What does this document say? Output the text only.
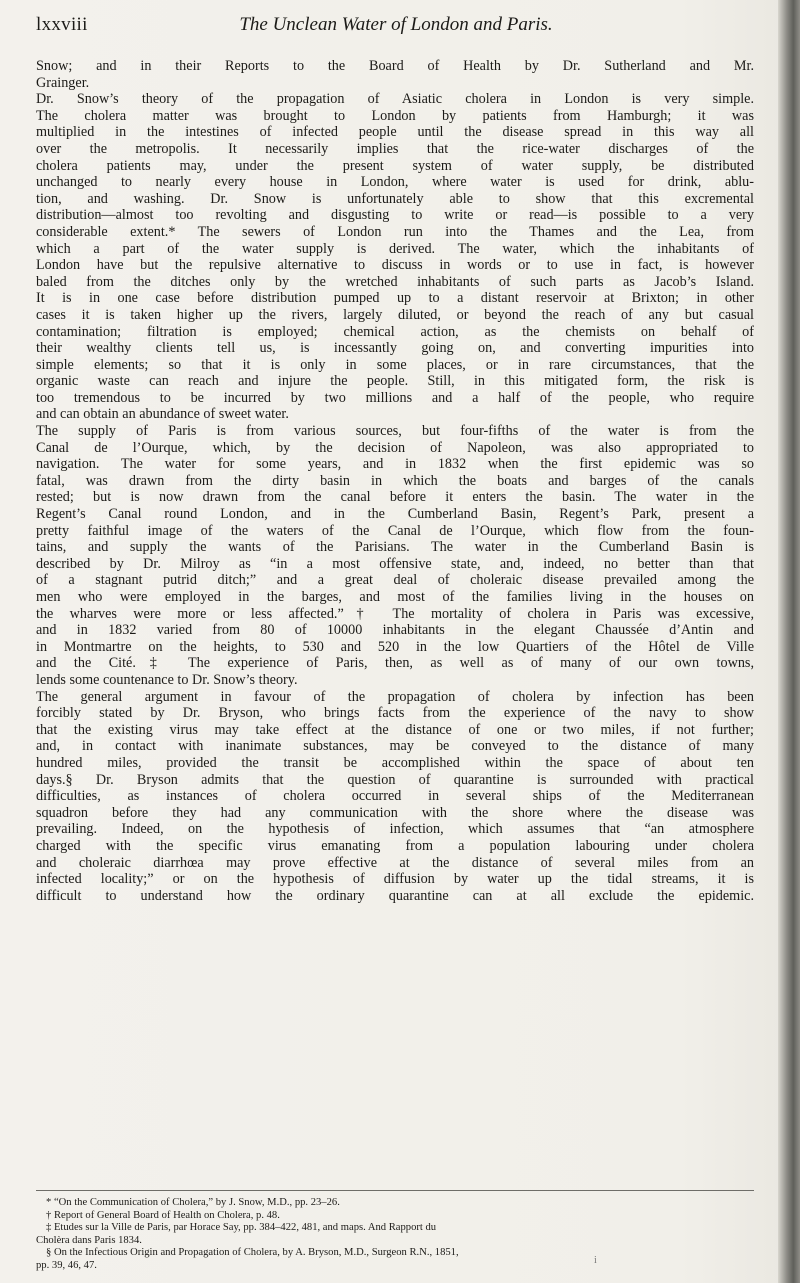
lxxviii	The Unclean Water of London and Paris.
Snow; and in their Reports to the Board of Health by Dr. Sutherland and Mr.
Grainger.
Dr. Snow’s theory of the propagation of Asiatic cholera in London is very simple.
The cholera matter was brought to London by patients from Hamburgh; it was
multiplied in the intestines of infected people until the disease spread in this way all
over the metropolis. It necessarily implies that the rice-water discharges of the
cholera patients may, under the present system of water supply, be distributed
unchanged to nearly every house in London, where water is used for drink, ablu-
tion, and washing. Dr. Snow is unfortunately able to show that this excremental
distribution—almost too revolting and disgusting to write or read—is possible to a very
considerable extent.* The sewers of London run into the Thames and the Lea, from
which a part of the water supply is derived. The water, which the inhabitants of
London have but the repulsive alternative to discuss in words or to use in fact, is however
baled from the ditches only by the wretched inhabitants of such parts as Jacob’s Island.
It is in one case before distribution pumped up to a distant reservoir at Brixton; in other
cases it is taken higher up the rivers, largely diluted, or beyond the reach of any but casual
contamination; filtration is employed; chemical action, as the chemists on behalf of
their wealthy clients tell us, is incessantly going on, and converting impurities into
simple elements; so that it is only in some places, or in rare circumstances, that the
organic waste can reach and injure the people. Still, in this mitigated form, the risk is
too tremendous to be incurred by two millions and a half of the people, who require
and can obtain an abundance of sweet water.
The supply of Paris is from various sources, but four-fifths of the water is from the
Canal de l’Ourque, which, by the decision of Napoleon, was also appropriated to
navigation. The water for some years, and in 1832 when the first epidemic was so
fatal, was drawn from the dirty basin in which the boats and barges of the canals
rested; but is now drawn from the canal before it enters the basin. The water in the
Regent’s Canal round London, and in the Cumberland Basin, Regent’s Park, present a
pretty faithful image of the waters of the Canal de l’Ourque, which flow from the foun-
tains, and supply the wants of the Parisians. The water in the Cumberland Basin is
described by Dr. Milroy as “in a most offensive state, and, indeed, no better than that
of a stagnant putrid ditch;” and a great deal of choleraic disease prevailed among the
men who were employed in the barges, and most of the families living in the houses on
the wharves were more or less affected.”† The mortality of cholera in Paris was excessive,
and in 1832 varied from 80 of 10000 inhabitants in the elegant Chaussée d’Antin and
in Montmartre on the heights, to 530 and 520 in the low Quartiers of the Hôtel de Ville
and the Cité.‡ The experience of Paris, then, as well as of many of our own towns,
lends some countenance to Dr. Snow’s theory.
The general argument in favour of the propagation of cholera by infection has been
forcibly stated by Dr. Bryson, who brings facts from the experience of the navy to show
that the existing virus may take effect at the distance of one or two miles, if not further;
and, in contact with inanimate substances, may be conveyed to the distance of many
hundred miles, provided the transit be accomplished within the space of about ten
days.§ Dr. Bryson admits that the question of quarantine is surrounded with practical
difficulties, as instances of cholera occurred in several ships of the Mediterranean
squadron before they had any communication with the shore where the disease was
prevailing. Indeed, on the hypothesis of infection, which assumes that “an atmosphere
charged with the specific virus emanating from a population labouring under cholera
and choleraic diarrhœa may prove effective at the distance of several miles from an
infected locality;” or on the hypothesis of diffusion by water up the tidal streams, it is
difficult to understand how the ordinary quarantine can at all exclude the epidemic.
* “On the Communication of Cholera,” by J. Snow, M.D., pp. 23–26.
† Report of General Board of Health on Cholera, p. 48.
‡ Etudes sur la Ville de Paris, par Horace Say, pp. 384–422, 481, and maps. And Rapport du
Cholèra dans Paris 1834.
§ On the Infectious Origin and Propagation of Cholera, by A. Bryson, M.D., Surgeon R.N., 1851,
pp. 39, 46, 47.	i
